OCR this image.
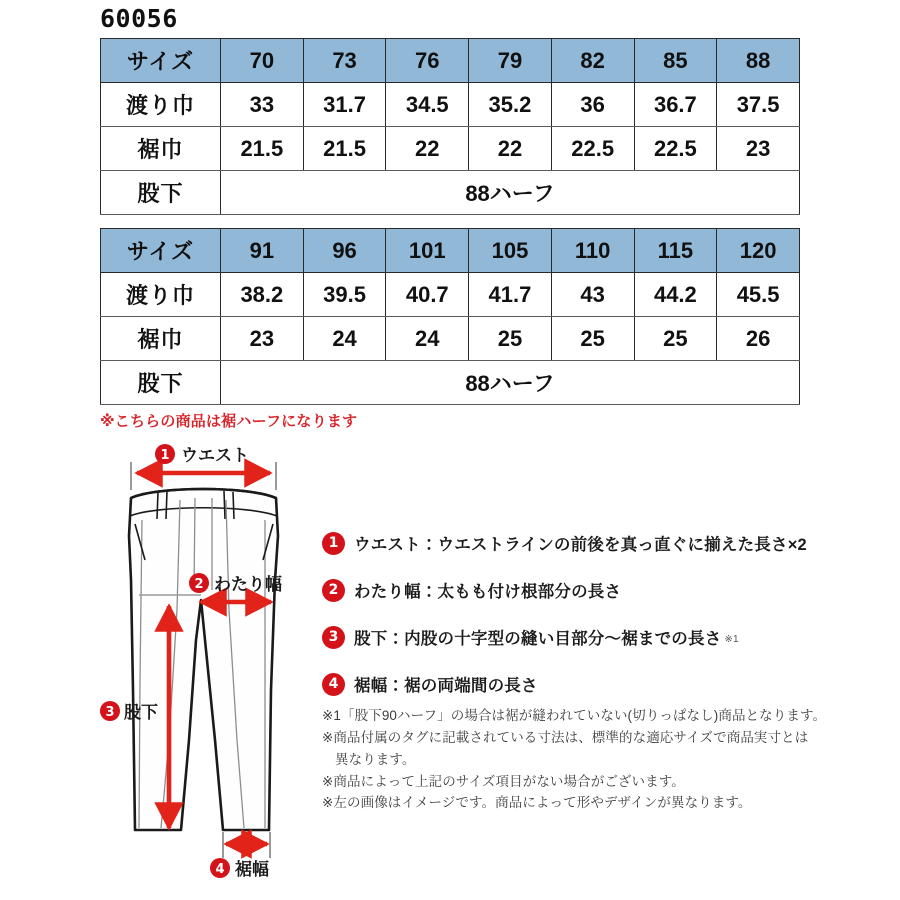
60056
サイズ	70	73	76	79	82	85	88
渡り巾	33	31.7	34.5	35.2	36	36.7	37.5
裾巾	21.5	21.5	22	22	22.5	22.5	23
股下	88ハーフ						
サイズ	91	96	101	105	110	115	120
渡り巾	38.2	39.5	40.7	41.7	43	44.2	45.5
裾巾	23	24	24	25	25	25	26
股下	88ハーフ						
※こちらの商品は裾ハーフになります
1 ウエスト
2 わたり幅
3 股下
4 裾幅
1 ウエスト：ウエストラインの前後を真っ直ぐに揃えた長さ×2
2 わたり幅：太もも付け根部分の長さ
3 股下：内股の十字型の縫い目部分〜裾までの長さ ※1
4 裾幅：裾の両端間の長さ

※1「股下90ハーフ」の場合は裾が縫われていない(切りっぱなし)商品となります。

※商品付属のタグに記載されている寸法は、標準的な適応サイズで商品実寸とは

異なります。

※商品によって上記のサイズ項目がない場合がございます。

※左の画像はイメージです。商品によって形やデザインが異なります。
